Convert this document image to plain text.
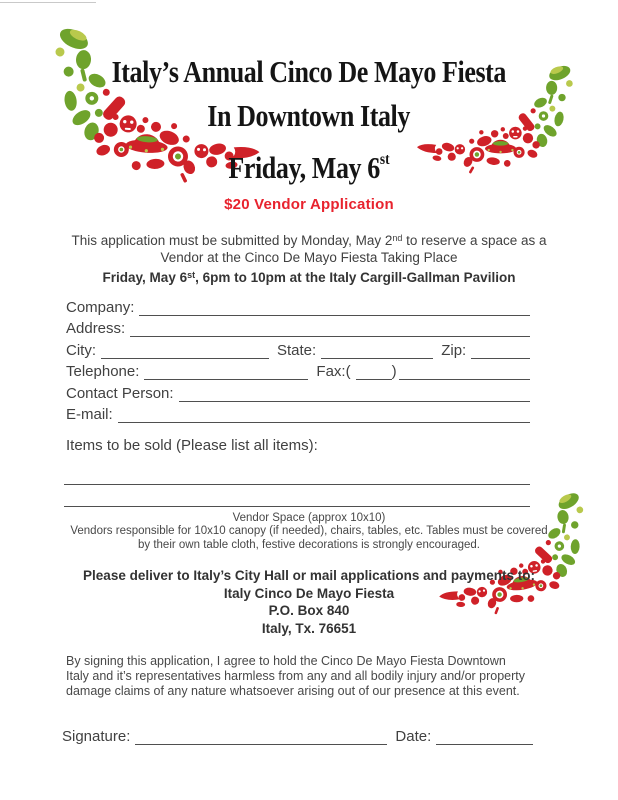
Italy’s Annual Cinco De Mayo Fiesta
In Downtown Italy
Friday, May 6st
$20 Vendor Application
This application must be submitted by Monday, May 2nd to reserve a space as a
Vendor at the Cinco De Mayo Fiesta Taking Place
Friday, May 6st, 6pm to 10pm at the Italy Cargill-Gallman Pavilion
Company:
Address:
City:	State:	Zip:
Telephone:	Fax:(	)
Contact Person:
E-mail:
Items to be sold (Please list all items):
Vendor Space (approx 10x10)
Vendors responsible for 10x10 canopy (if needed), chairs, tables, etc. Tables must be covered by their own table cloth, festive decorations is strongly encouraged.
Please deliver to Italy’s City Hall or mail applications and payments to:
Italy Cinco De Mayo Fiesta
P.O. Box 840
Italy, Tx. 76651
By signing this application, I agree to hold the Cinco De Mayo Fiesta Downtown Italy and it’s representatives harmless from any and all bodily injury and/or property damage claims of any nature whatsoever arising out of our presence at this event.
Signature:	Date:
